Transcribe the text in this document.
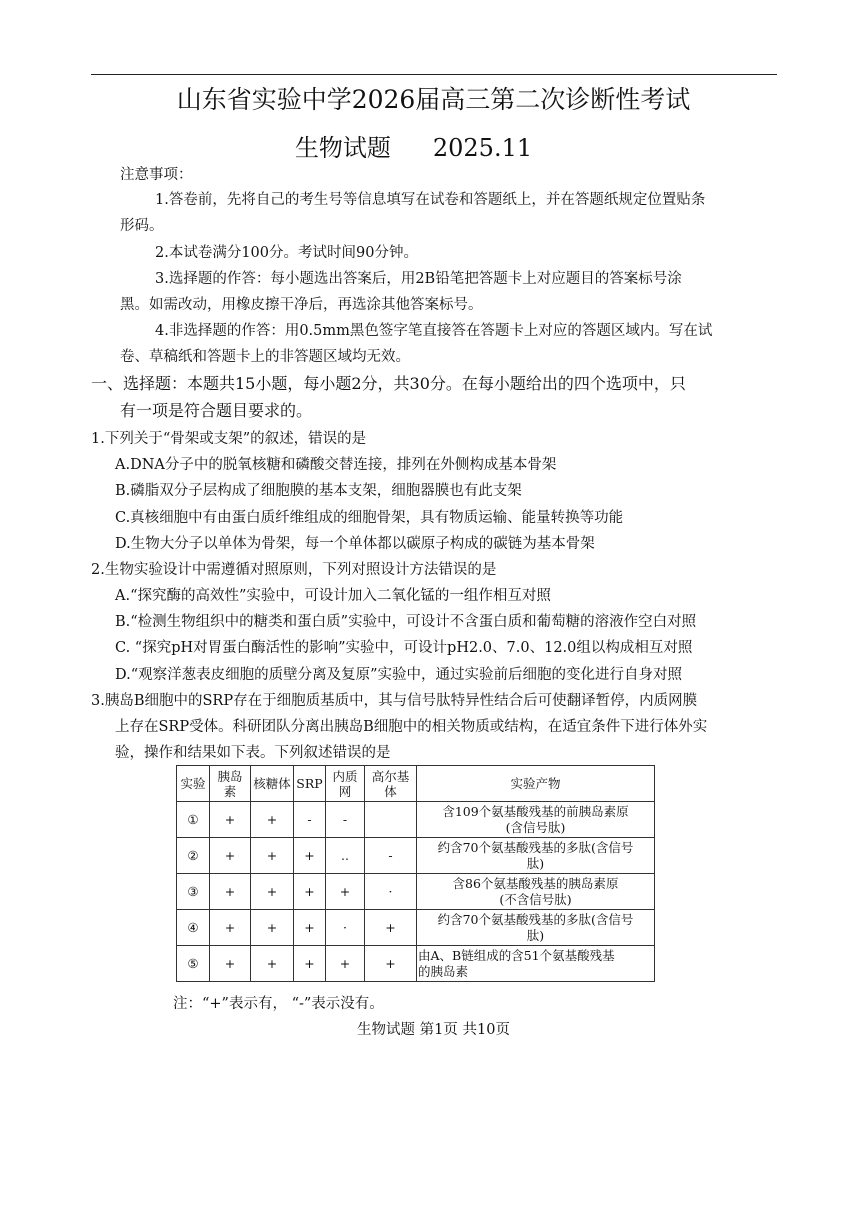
山东省实验中学2026届高三第二次诊断性考试
生物试题 2025.11
注意事项：
1.答卷前，先将自己的考生号等信息填写在试卷和答题纸上，并在答题纸规定位置贴条
形码。
2.本试卷满分100分。考试时间90分钟。
3.选择题的作答：每小题选出答案后，用2B铅笔把答题卡上对应题目的答案标号涂
黑。如需改动，用橡皮擦干净后，再选涂其他答案标号。
4.非选择题的作答：用0.5mm黑色签字笔直接答在答题卡上对应的答题区域内。写在试
卷、草稿纸和答题卡上的非答题区域均无效。
一、选择题：本题共15小题，每小题2分，共30分。在每小题给出的四个选项中，只
有一项是符合题目要求的。
1.下列关于“骨架或支架”的叙述，错误的是
A.DNA分子中的脱氧核糖和磷酸交替连接，排列在外侧构成基本骨架
B.磷脂双分子层构成了细胞膜的基本支架，细胞器膜也有此支架
C.真核细胞中有由蛋白质纤维组成的细胞骨架，具有物质运输、能量转换等功能
D.生物大分子以单体为骨架，每一个单体都以碳原子构成的碳链为基本骨架
2.生物实验设计中需遵循对照原则，下列对照设计方法错误的是
A.“探究酶的高效性”实验中，可设计加入二氧化锰的一组作相互对照
B.“检测生物组织中的糖类和蛋白质”实验中，可设计不含蛋白质和葡萄糖的溶液作空白对照
C. “探究pH对胃蛋白酶活性的影响”实验中，可设计pH2.0、7.0、12.0组以构成相互对照
D.“观察洋葱表皮细胞的质壁分离及复原”实验中，通过实验前后细胞的变化进行自身对照
3.胰岛B细胞中的SRP存在于细胞质基质中，其与信号肽特异性结合后可使翻译暂停，内质网膜
上存在SRP受体。科研团队分离出胰岛B细胞中的相关物质或结构，在适宜条件下进行体外实
验，操作和结果如下表。下列叙述错误的是
实验	胰岛
素	核糖体	SRP	内质
网	高尔基
体	实验产物
①	+	+	-	-		含109个氨基酸残基的前胰岛素原
(含信号肽)
②	+	+	+	..	-	约含70个氨基酸残基的多肽(含信号
肽)
③	+	+	+	+	·	含86个氨基酸残基的胰岛素原
(不含信号肽)
④	+	+	+	·	+	约含70个氨基酸残基的多肽(含信号
肽)
⑤	+	+	+	+	+	由A、B链组成的含51个氨基酸残基
的胰岛素
注：“+”表示有， “-”表示没有。
生物试题 第1页 共10页
